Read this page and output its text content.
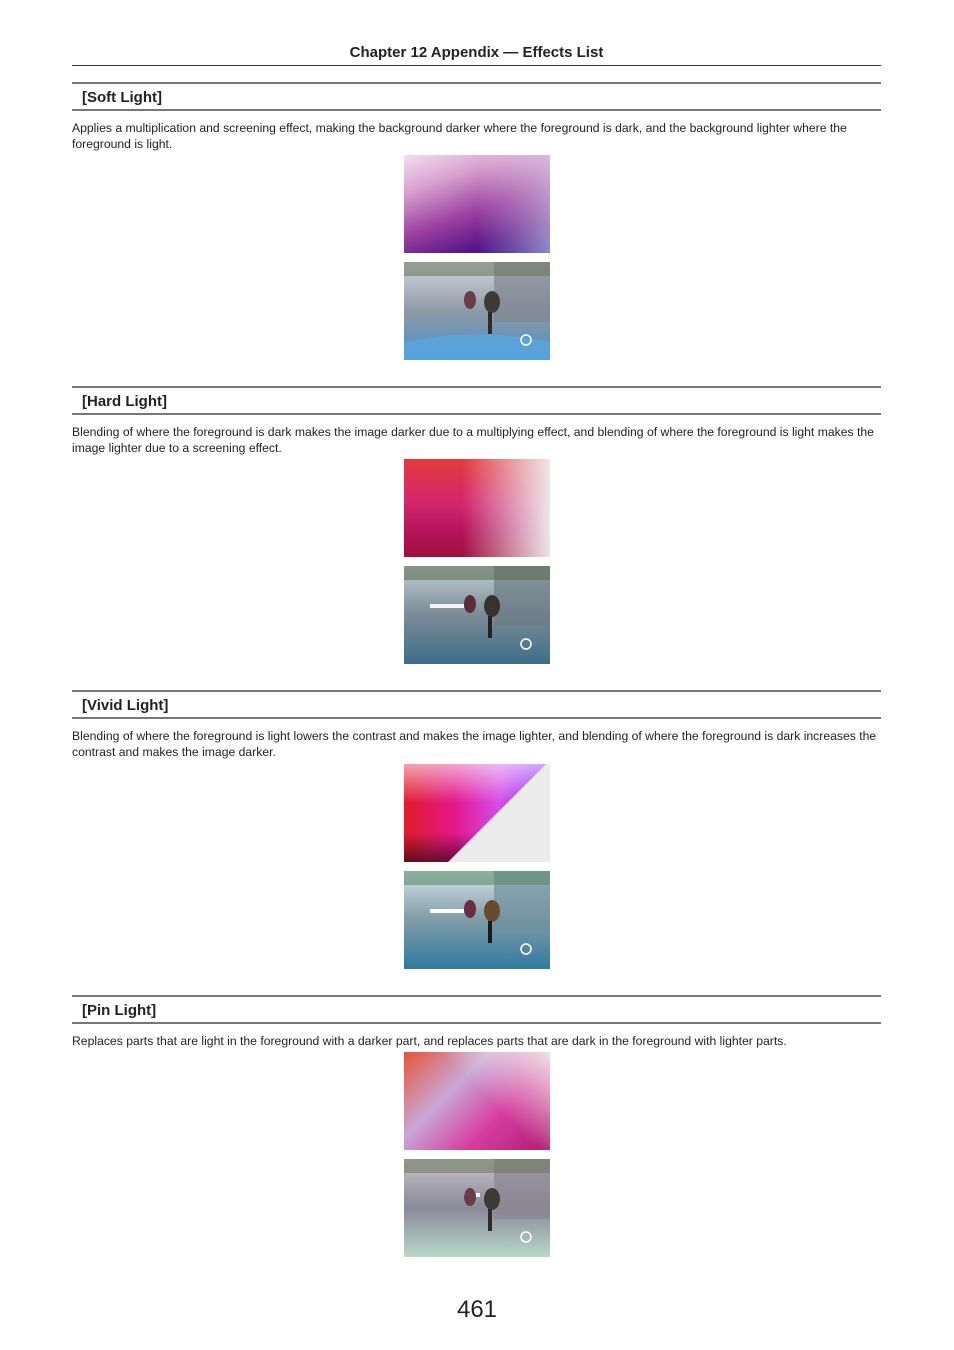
Chapter 12 Appendix — Effects List
[Soft Light]
Applies a multiplication and screening effect, making the background darker where the foreground is dark, and the background lighter where the foreground is light.
[Hard Light]
Blending of where the foreground is dark makes the image darker due to a multiplying effect, and blending of where the foreground is light makes the image lighter due to a screening effect.
[Vivid Light]
Blending of where the foreground is light lowers the contrast and makes the image lighter, and blending of where the foreground is dark increases the contrast and makes the image darker.
[Pin Light]
Replaces parts that are light in the foreground with a darker part, and replaces parts that are dark in the foreground with lighter parts.
461
